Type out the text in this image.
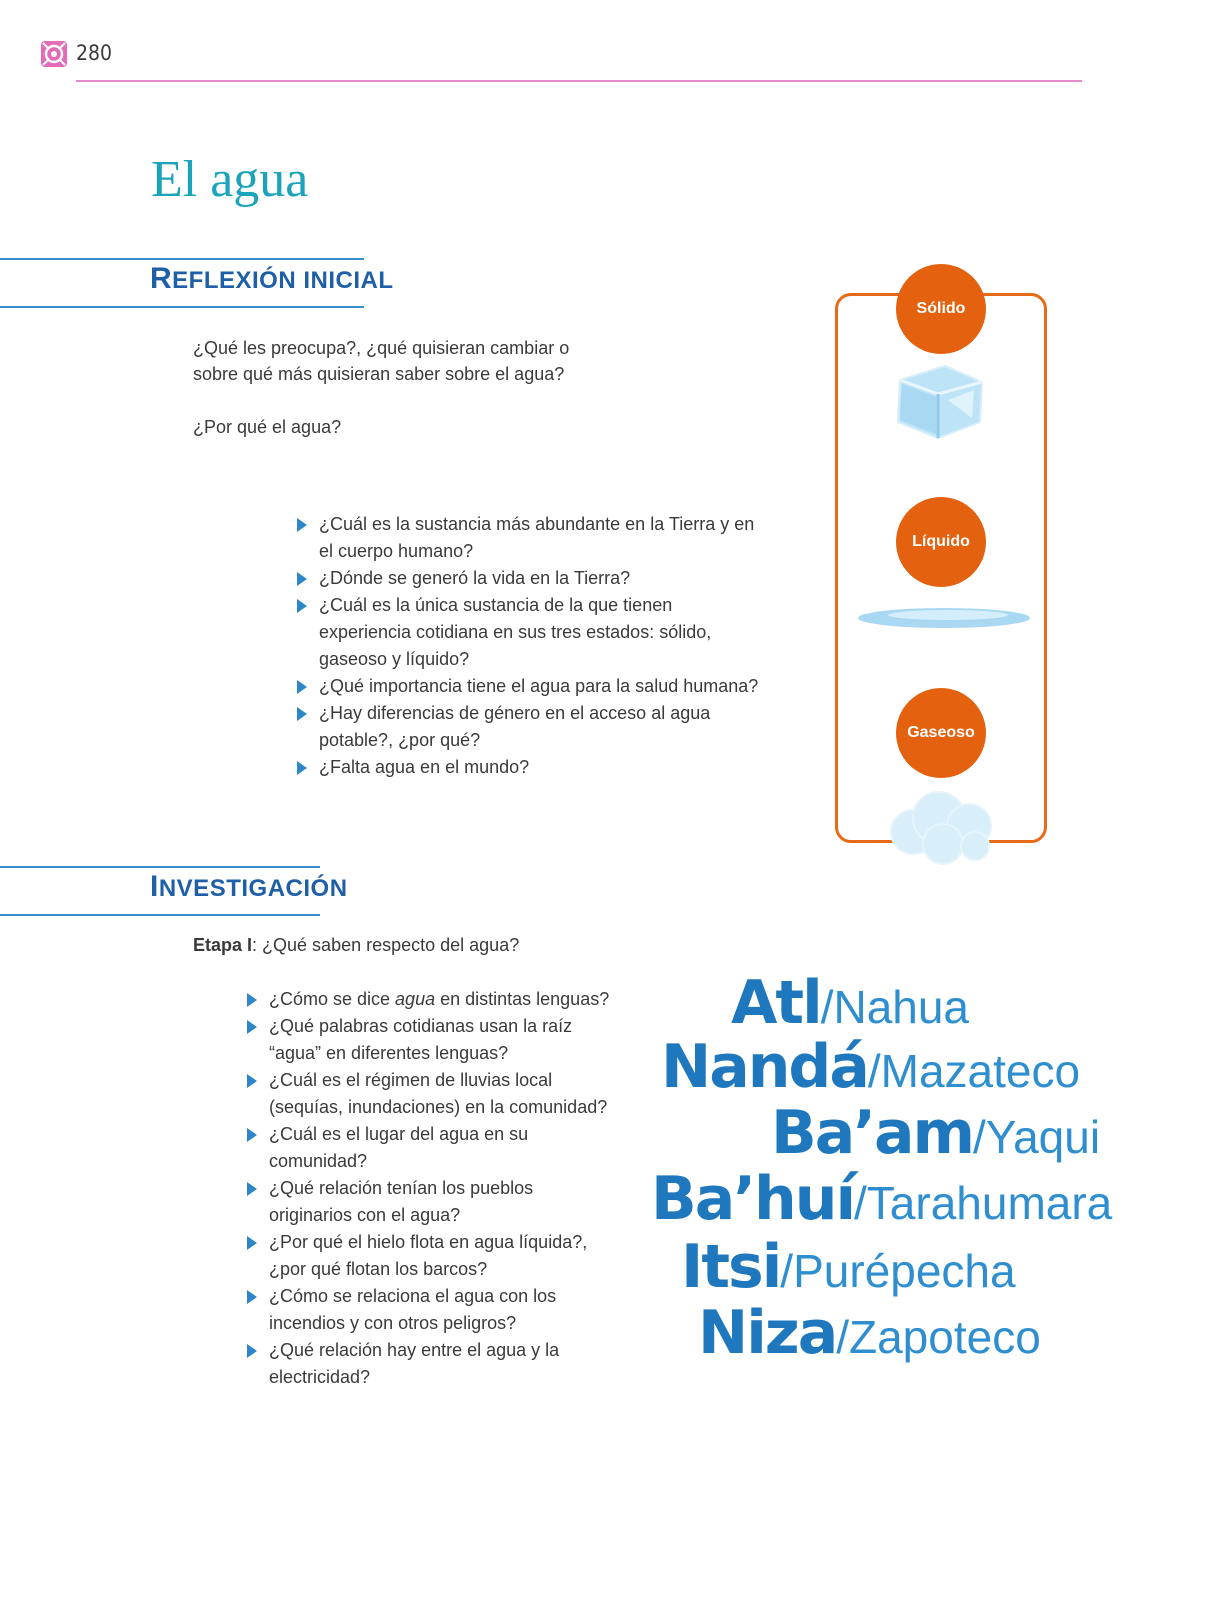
280
El agua
REFLEXIÓN INICIAL
¿Qué les preocupa?, ¿qué quisieran cambiar o
sobre qué más quisieran saber sobre el agua?
¿Por qué el agua?
¿Cuál es la sustancia más abundante en la Tierra y en el cuerpo humano?
¿Dónde se generó la vida en la Tierra?
¿Cuál es la única sustancia de la que tienen experiencia cotidiana en sus tres estados: sólido, gaseoso y líquido?
¿Qué importancia tiene el agua para la salud humana?
¿Hay diferencias de género en el acceso al agua potable?, ¿por qué?
¿Falta agua en el mundo?
Sólido
Líquido
Gaseoso
INVESTIGACIÓN
Etapa I: ¿Qué saben respecto del agua?
¿Cómo se dice agua en distintas lenguas?
¿Qué palabras cotidianas usan la raíz “agua” en diferentes lenguas?
¿Cuál es el régimen de lluvias local (sequías, inundaciones) en la comunidad?
¿Cuál es el lugar del agua en su comunidad?
¿Qué relación tenían los pueblos originarios con el agua?
¿Por qué el hielo flota en agua líquida?, ¿por qué flotan los barcos?
¿Cómo se relaciona el agua con los incendios y con otros peligros?
¿Qué relación hay entre el agua y la electricidad?
Atl/Nahua
Nandá/Mazateco
Ba’am/Yaqui
Ba’huí/Tarahumara
Itsi/Purépecha
Niza/Zapoteco
